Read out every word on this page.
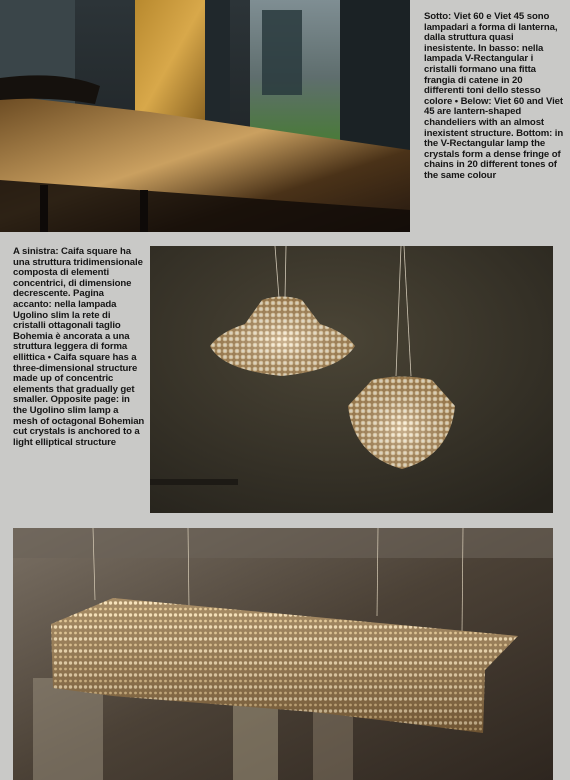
Sotto: Viet 60 e Viet 45 sono lampadari a forma di lanterna, dalla struttura quasi inesistente. In basso: nella lampada V-Rectangular i cristalli formano una fitta frangia di catene in 20 differenti toni dello stesso colore • Below: Viet 60 and Viet 45 are lantern-shaped chandeliers with an almost inexistent structure. Bottom: in the V-Rectangular lamp the crystals form a dense fringe of chains in 20 different tones of the same colour
A sinistra: Caifa square ha una struttura tridimensionale composta di elementi concentrici, di dimensione decrescente. Pagina accanto: nella lampada Ugolino slim la rete di cristalli ottagonali taglio Bohemia è ancorata a una struttura leggera di forma ellittica • Caifa square has a three-dimensional structure made up of concentric elements that gradually get smaller. Opposite page: in the Ugolino slim lamp a mesh of octagonal Bohemian cut crystals is anchored to a light elliptical structure
